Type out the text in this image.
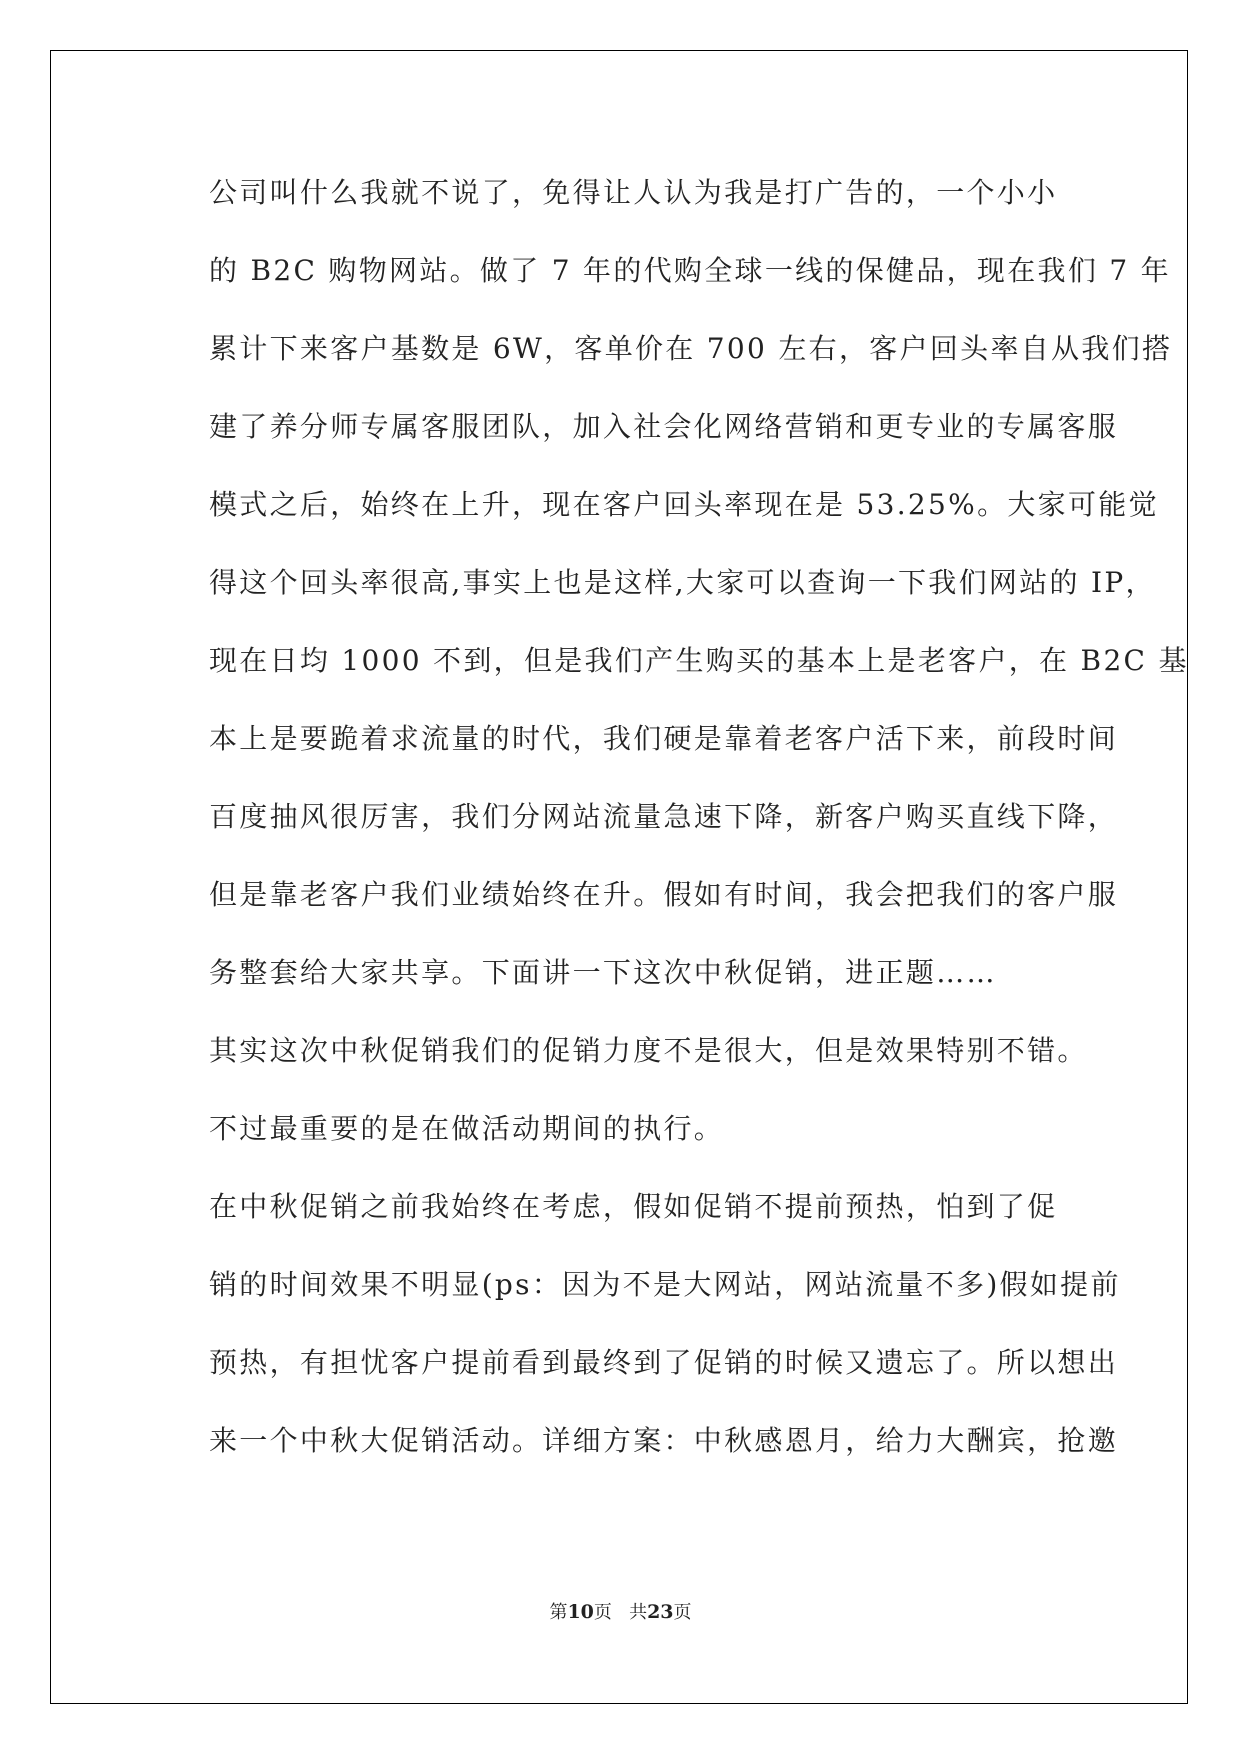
公司叫什么我就不说了，免得让人认为我是打广告的，一个小小
的 B2C 购物网站。做了 7 年的代购全球一线的保健品，现在我们 7 年
累计下来客户基数是 6W，客单价在 700 左右，客户回头率自从我们搭
建了养分师专属客服团队，加入社会化网络营销和更专业的专属客服
模式之后，始终在上升，现在客户回头率现在是 53.25%。大家可能觉
得这个回头率很高,事实上也是这样,大家可以查询一下我们网站的 IP，
现在日均 1000 不到，但是我们产生购买的基本上是老客户，在 B2C 基
本上是要跪着求流量的时代，我们硬是靠着老客户活下来，前段时间
百度抽风很厉害，我们分网站流量急速下降，新客户购买直线下降，
但是靠老客户我们业绩始终在升。假如有时间，我会把我们的客户服
务整套给大家共享。下面讲一下这次中秋促销，进正题……

其实这次中秋促销我们的促销力度不是很大，但是效果特别不错。
不过最重要的是在做活动期间的执行。

在中秋促销之前我始终在考虑，假如促销不提前预热，怕到了促
销的时间效果不明显(ps：因为不是大网站，网站流量不多)假如提前
预热，有担忧客户提前看到最终到了促销的时候又遗忘了。所以想出
来一个中秋大促销活动。详细方案：中秋感恩月，给力大酬宾，抢邀

第10页 共23页
